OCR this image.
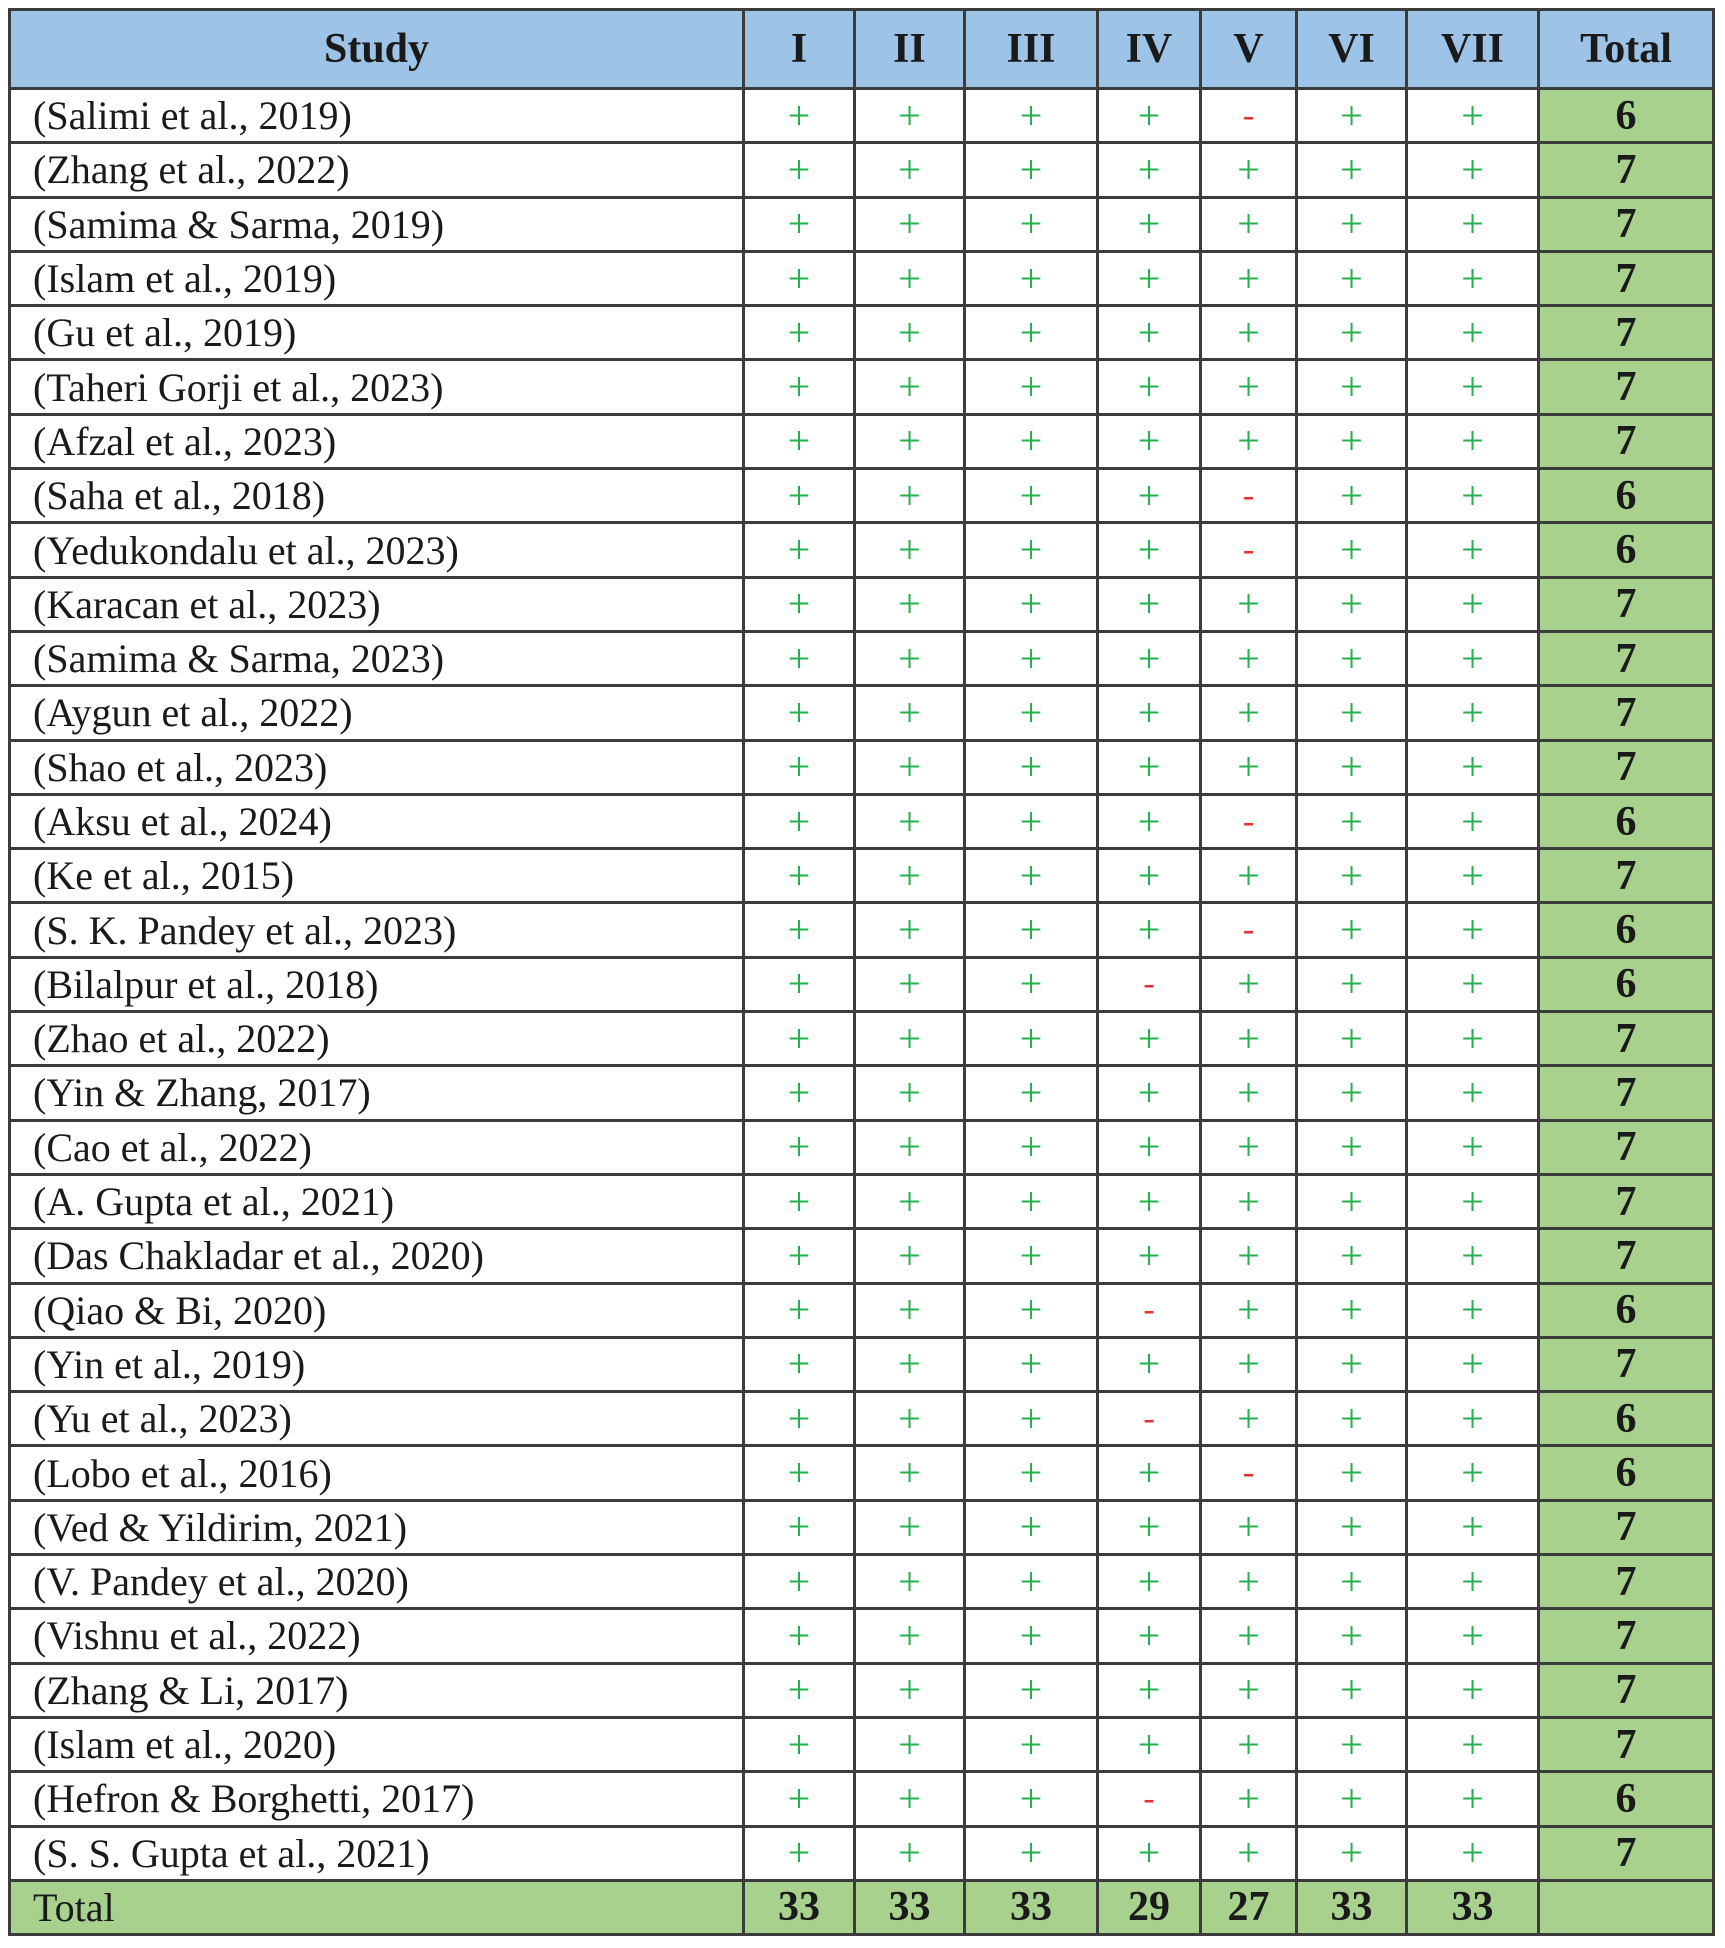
Study	I	II	III	IV	V	VI	VII	Total
(Salimi et al., 2019)	+	+	+	+	-	+	+	6
(Zhang et al., 2022)	+	+	+	+	+	+	+	7
(Samima & Sarma, 2019)	+	+	+	+	+	+	+	7
(Islam et al., 2019)	+	+	+	+	+	+	+	7
(Gu et al., 2019)	+	+	+	+	+	+	+	7
(Taheri Gorji et al., 2023)	+	+	+	+	+	+	+	7
(Afzal et al., 2023)	+	+	+	+	+	+	+	7
(Saha et al., 2018)	+	+	+	+	-	+	+	6
(Yedukondalu et al., 2023)	+	+	+	+	-	+	+	6
(Karacan et al., 2023)	+	+	+	+	+	+	+	7
(Samima & Sarma, 2023)	+	+	+	+	+	+	+	7
(Aygun et al., 2022)	+	+	+	+	+	+	+	7
(Shao et al., 2023)	+	+	+	+	+	+	+	7
(Aksu et al., 2024)	+	+	+	+	-	+	+	6
(Ke et al., 2015)	+	+	+	+	+	+	+	7
(S. K. Pandey et al., 2023)	+	+	+	+	-	+	+	6
(Bilalpur et al., 2018)	+	+	+	-	+	+	+	6
(Zhao et al., 2022)	+	+	+	+	+	+	+	7
(Yin & Zhang, 2017)	+	+	+	+	+	+	+	7
(Cao et al., 2022)	+	+	+	+	+	+	+	7
(A. Gupta et al., 2021)	+	+	+	+	+	+	+	7
(Das Chakladar et al., 2020)	+	+	+	+	+	+	+	7
(Qiao & Bi, 2020)	+	+	+	-	+	+	+	6
(Yin et al., 2019)	+	+	+	+	+	+	+	7
(Yu et al., 2023)	+	+	+	-	+	+	+	6
(Lobo et al., 2016)	+	+	+	+	-	+	+	6
(Ved & Yildirim, 2021)	+	+	+	+	+	+	+	7
(V. Pandey et al., 2020)	+	+	+	+	+	+	+	7
(Vishnu et al., 2022)	+	+	+	+	+	+	+	7
(Zhang & Li, 2017)	+	+	+	+	+	+	+	7
(Islam et al., 2020)	+	+	+	+	+	+	+	7
(Hefron & Borghetti, 2017)	+	+	+	-	+	+	+	6
(S. S. Gupta et al., 2021)	+	+	+	+	+	+	+	7
Total	33	33	33	29	27	33	33	
